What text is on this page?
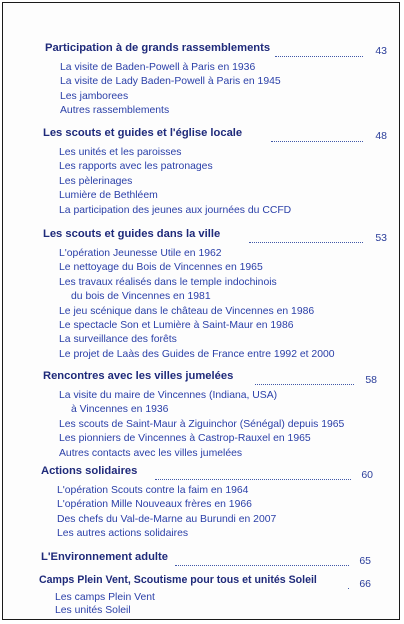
Participation à de grands rassemblements	43
La visite de Baden-Powell à Paris en 1936
La visite de Lady Baden-Powell à Paris en 1945
Les jamborees
Autres rassemblements
Les scouts et guides et l'église locale	48
Les unités et les paroisses
Les rapports avec les patronages
Les pèlerinages
Lumière de Bethléem
La participation des jeunes aux journées du CCFD
Les scouts et guides dans la ville	53
L'opération Jeunesse Utile en 1962
Le nettoyage du Bois de Vincennes en 1965
Les travaux réalisés dans le temple indochinois
du bois de Vincennes en 1981
Le jeu scénique dans le château de Vincennes en 1986
Le spectacle Son et Lumière à Saint-Maur en 1986
La surveillance des forêts
Le projet de Laàs des Guides de France entre 1992 et 2000
Rencontres avec les villes jumelées	58
La visite du maire de Vincennes (Indiana, USA)
à Vincennes en 1936
Les scouts de Saint-Maur à Ziguinchor (Sénégal) depuis 1965
Les pionniers de Vincennes à Castrop-Rauxel en 1965
Autres contacts avec les villes jumelées
Actions solidaires	60
L'opération Scouts contre la faim en 1964
L'opération Mille Nouveaux frères en 1966
Des chefs du Val-de-Marne au Burundi en 2007
Les autres actions solidaires
L'Environnement adulte	65
Camps Plein Vent, Scoutisme pour tous et unités Soleil	66
Les camps Plein Vent
Les unités Soleil
